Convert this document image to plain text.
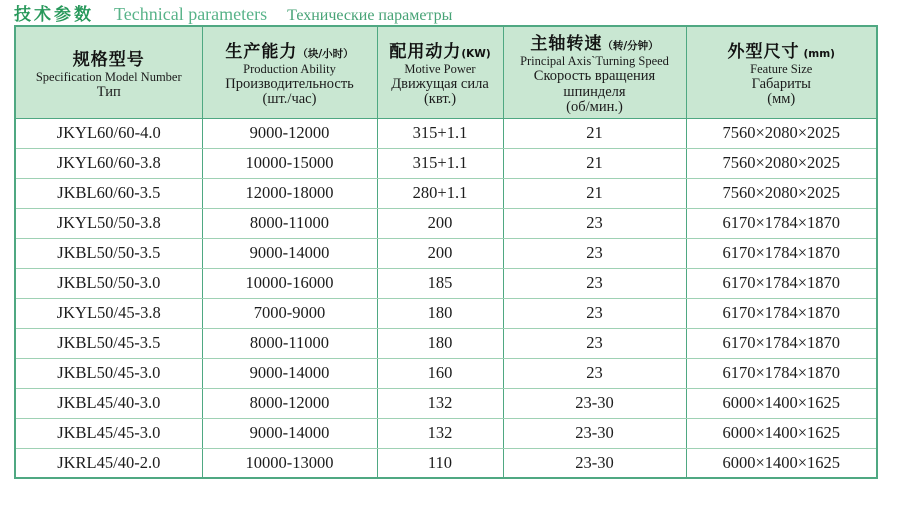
技术参数 Technical parameters Технические параметры
规格型号
Specification Model Number
Тип	生产能力（块/小时）
Production Ability
Производительность
(шт./час)	配用动力(KW)
Motive Power
Движущая сила
(квт.)	主轴转速（转/分钟）
Principal Axis`Turning Speed
Скорость вращения шпинделя
(об/мин.)	外型尺寸 (mm)
Feature Size
Габариты
(мм)

JKYL60/60-4.0	9000-12000	315+1.1	21	7560×2080×2025
JKYL60/60-3.8	10000-15000	315+1.1	21	7560×2080×2025
JKBL60/60-3.5	12000-18000	280+1.1	21	7560×2080×2025
JKYL50/50-3.8	8000-11000	200	23	6170×1784×1870
JKBL50/50-3.5	9000-14000	200	23	6170×1784×1870
JKBL50/50-3.0	10000-16000	185	23	6170×1784×1870
JKYL50/45-3.8	7000-9000	180	23	6170×1784×1870
JKBL50/45-3.5	8000-11000	180	23	6170×1784×1870
JKBL50/45-3.0	9000-14000	160	23	6170×1784×1870
JKBL45/40-3.0	8000-12000	132	23-30	6000×1400×1625
JKBL45/45-3.0	9000-14000	132	23-30	6000×1400×1625
JKRL45/40-2.0	10000-13000	110	23-30	6000×1400×1625
